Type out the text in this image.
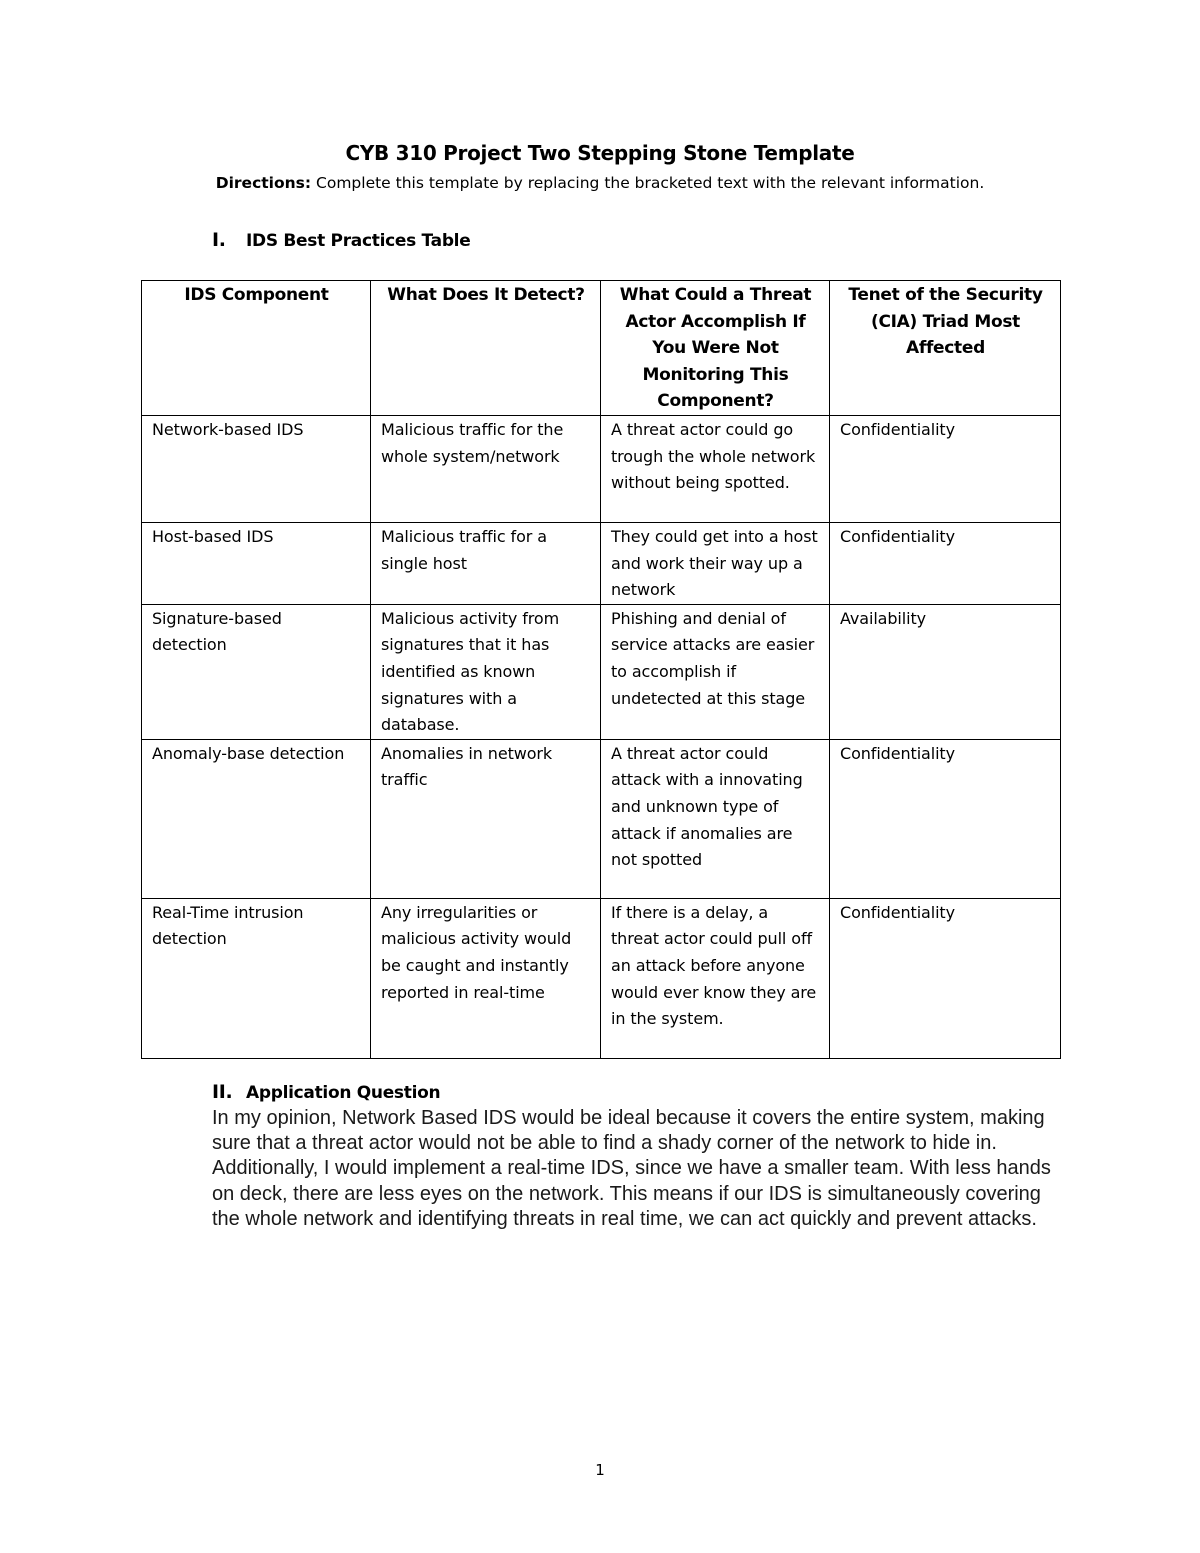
CYB 310 Project Two Stepping Stone Template
Directions: Complete this template by replacing the bracketed text with the relevant information.
I. IDS Best Practices Table
IDS Component	What Does It Detect?	What Could a Threat Actor Accomplish If You Were Not Monitoring This Component?	Tenet of the Security (CIA) Triad Most Affected
Network-based IDS	Malicious traffic for the whole system/network	A threat actor could go trough the whole network without being spotted.	Confidentiality
Host-based IDS	Malicious traffic for a single host	They could get into a host and work their way up a network	Confidentiality
Signature-based detection	Malicious activity from signatures that it has identified as known signatures with a database.	Phishing and denial of service attacks are easier to accomplish if undetected at this stage	Availability
Anomaly-base detection	Anomalies in network traffic	A threat actor could attack with a innovating and unknown type of attack if anomalies are not spotted	Confidentiality
Real-Time intrusion detection	Any irregularities or malicious activity would be caught and instantly reported in real-time	If there is a delay, a threat actor could pull off an attack before anyone would ever know they are in the system.	Confidentiality
II. Application Question
In my opinion, Network Based IDS would be ideal because it covers the entire system, making sure that a threat actor would not be able to find a shady corner of the network to hide in. Additionally, I would implement a real-time IDS, since we have a smaller team. With less hands on deck, there are less eyes on the network. This means if our IDS is simultaneously covering the whole network and identifying threats in real time, we can act quickly and prevent attacks.
1
